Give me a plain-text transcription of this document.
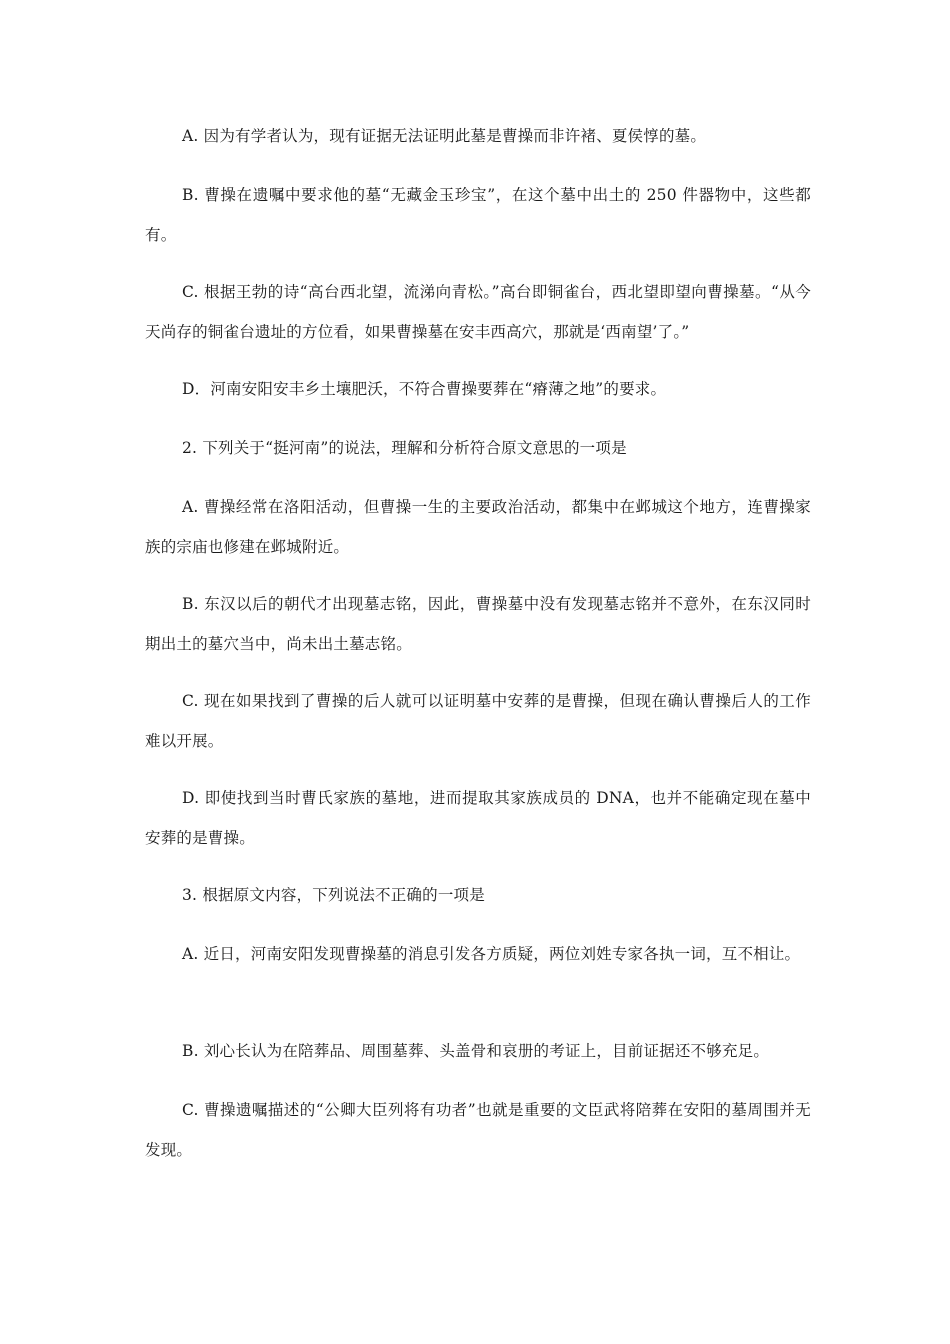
A. 因为有学者认为，现有证据无法证明此墓是曹操而非许褚、夏侯惇的墓。

B. 曹操在遗嘱中要求他的墓“无藏金玉珍宝”，在这个墓中出土的 250 件器物中，这些都有。

C. 根据王勃的诗“高台西北望，流涕向青松。”高台即铜雀台，西北望即望向曹操墓。“从今天尚存的铜雀台遗址的方位看，如果曹操墓在安丰西高穴，那就是‘西南望’了。”

D．河南安阳安丰乡土壤肥沃，不符合曹操要葬在“瘠薄之地”的要求。

2. 下列关于“挺河南”的说法，理解和分析符合原文意思的一项是

A. 曹操经常在洛阳活动，但曹操一生的主要政治活动，都集中在邺城这个地方，连曹操家族的宗庙也修建在邺城附近。

B. 东汉以后的朝代才出现墓志铭，因此，曹操墓中没有发现墓志铭并不意外，在东汉同时期出土的墓穴当中，尚未出土墓志铭。

C. 现在如果找到了曹操的后人就可以证明墓中安葬的是曹操，但现在确认曹操后人的工作难以开展。

D. 即使找到当时曹氏家族的墓地，进而提取其家族成员的 DNA，也并不能确定现在墓中安葬的是曹操。

3. 根据原文内容，下列说法不正确的一项是

A. 近日，河南安阳发现曹操墓的消息引发各方质疑，两位刘姓专家各执一词，互不相让。

B. 刘心长认为在陪葬品、周围墓葬、头盖骨和哀册的考证上，目前证据还不够充足。

C. 曹操遗嘱描述的“公卿大臣列将有功者”也就是重要的文臣武将陪葬在安阳的墓周围并无发现。
